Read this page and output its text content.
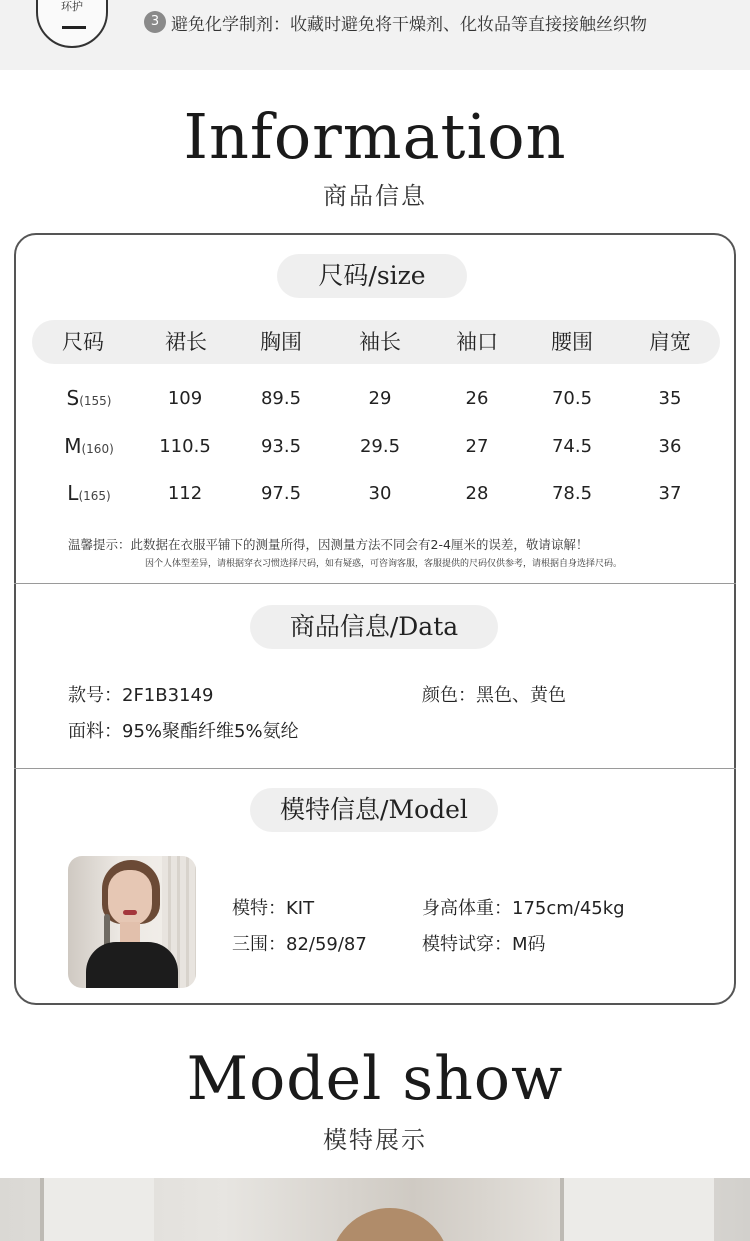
环护
3 避免化学制剂：收藏时避免将干燥剂、化妆品等直接接触丝织物
Information
商品信息
尺码/size
尺码	裙长	胸围	袖长	袖口	腰围	肩宽
S(155)	109	89.5	29	26	70.5	35
M(160)	110.5	93.5	29.5	27	74.5	36
L(165)	112	97.5	30	28	78.5	37
温馨提示：此数据在衣服平铺下的测量所得，因测量方法不同会有2-4厘米的误差，敬请谅解！
因个人体型差异，请根据穿衣习惯选择尺码，如有疑惑，可咨询客服，客服提供的尺码仅供参考，请根据自身选择尺码。
商品信息/Data
款号：2F1B3149	颜色：黑色、黄色
面料：95%聚酯纤维5%氨纶
模特信息/Model
模特：KIT	身高体重：175cm/45kg
三围：82/59/87	模特试穿：M码
Model show
模特展示
